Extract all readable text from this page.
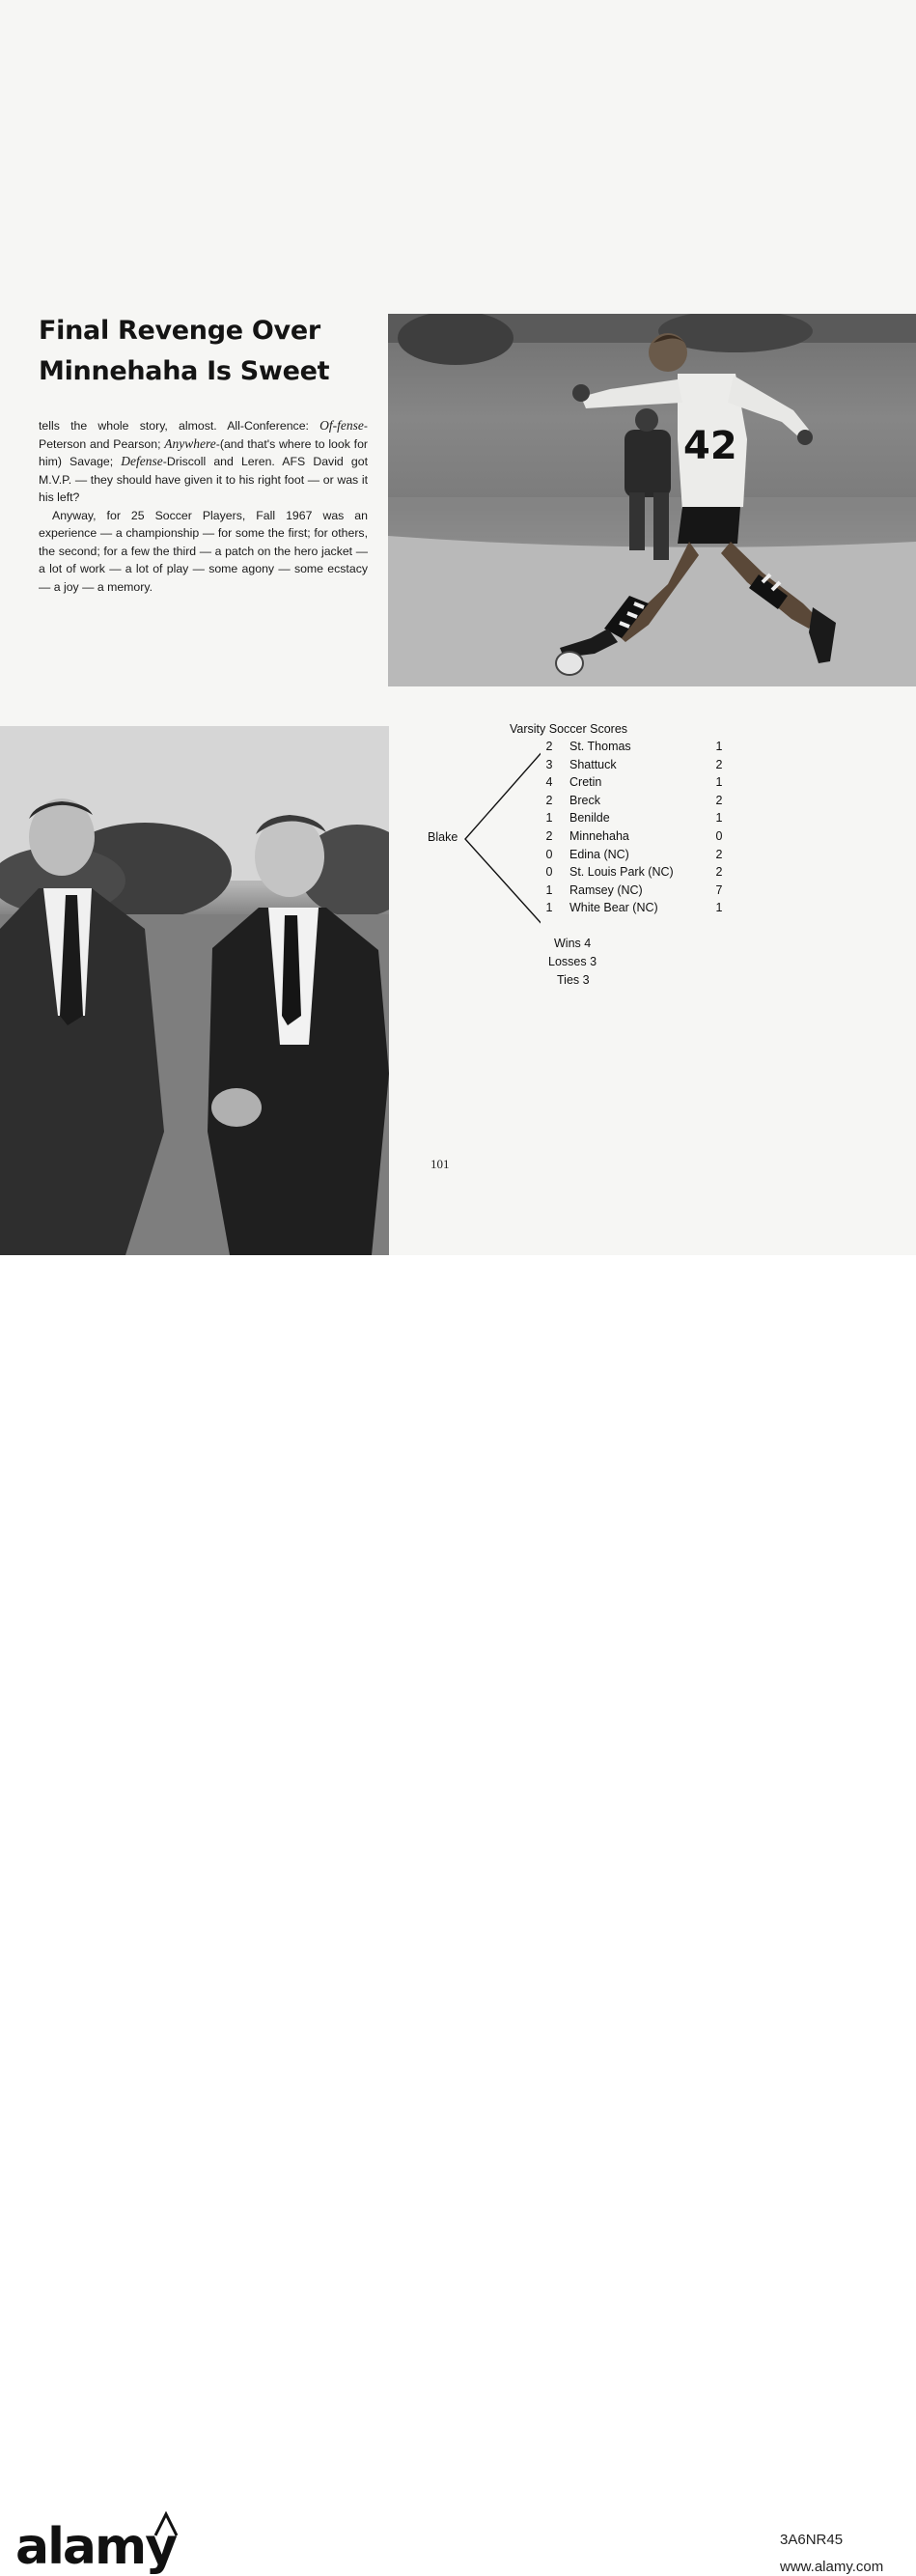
Final Revenge Over
Minnehaha Is Sweet

tells the whole story, almost. All-Conference: Of-fense-Peterson and Pearson; Anywhere-(and that's where to look for him) Savage; Defense-Driscoll and Leren. AFS David got M.V.P. — they should have given it to his right foot — or was it his left?

Anyway, for 25 Soccer Players, Fall 1967 was an experience — a championship — for some the first; for others, the second; for a few the third — a patch on the hero jacket — a lot of work — a lot of play — some agony — some ecstacy — a joy — a memory.

42
Varsity Soccer Scores
Blake
2 St. Thomas	1
3 Shattuck	2
4 Cretin	1
2 Breck	2
1 Benilde	1
2 Minnehaha	0
0 Edina (NC)	2
0 St. Louis Park (NC)	2
1 Ramsey (NC)	7
1 White Bear (NC)	1
Wins 4
Losses 3
Ties 3
101
alamy	3A6NR45
www.alamy.com
